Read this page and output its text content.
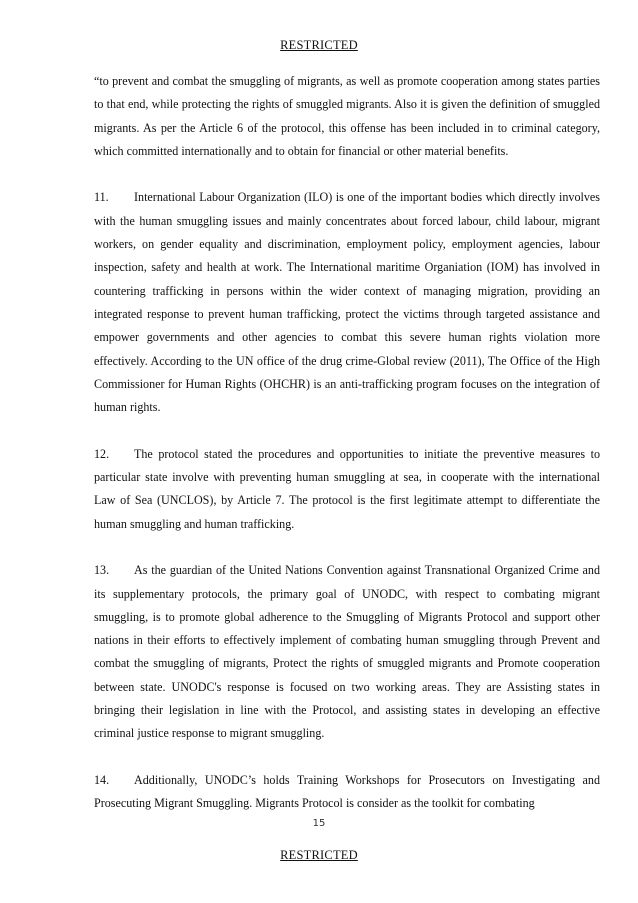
RESTRICTED

“to prevent and combat the smuggling of migrants, as well as promote cooperation among states parties to that end, while protecting the rights of smuggled migrants. Also it is given the definition of smuggled migrants. As per the Article 6 of the protocol, this offense has been included in to criminal category, which committed internationally and to obtain for financial or other material benefits.

11. International Labour Organization (ILO) is one of the important bodies which directly involves with the human smuggling issues and mainly concentrates about forced labour, child labour, migrant workers, on gender equality and discrimination, employment policy, employment agencies, labour inspection, safety and health at work. The International maritime Organiation (IOM) has involved in countering trafficking in persons within the wider context of managing migration, providing an integrated response to prevent human trafficking, protect the victims through targeted assistance and empower governments and other agencies to combat this severe human rights violation more effectively. According to the UN office of the drug crime-Global review (2011), The Office of the High Commissioner for Human Rights (OHCHR) is an anti-trafficking program focuses on the integration of human rights.

12. The protocol stated the procedures and opportunities to initiate the preventive measures to particular state involve with preventing human smuggling at sea, in cooperate with the international Law of Sea (UNCLOS), by Article 7. The protocol is the first legitimate attempt to differentiate the human smuggling and human trafficking.

13. As the guardian of the United Nations Convention against Transnational Organized Crime and its supplementary protocols, the primary goal of UNODC, with respect to combating migrant smuggling, is to promote global adherence to the Smuggling of Migrants Protocol and support other nations in their efforts to effectively implement of combating human smuggling through Prevent and combat the smuggling of migrants, Protect the rights of smuggled migrants and Promote cooperation between state. UNODC's response is focused on two working areas. They are Assisting states in bringing their legislation in line with the Protocol, and assisting states in developing an effective criminal justice response to migrant smuggling.

14. Additionally, UNODC’s holds Training Workshops for Prosecutors on Investigating and Prosecuting Migrant Smuggling. Migrants Protocol is consider as the toolkit for combating

15
RESTRICTED
